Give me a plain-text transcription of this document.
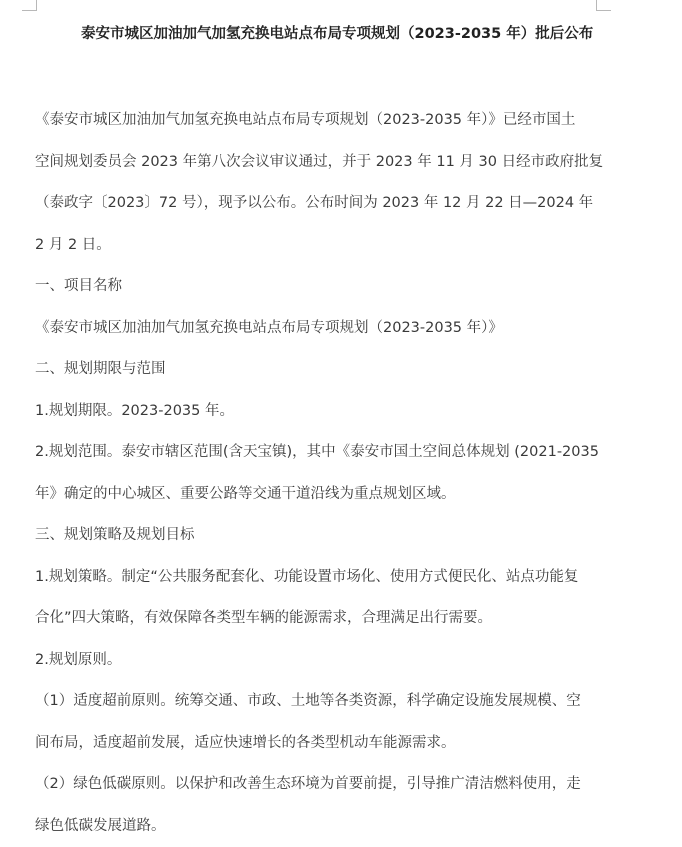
泰安市城区加油加气加氢充换电站点布局专项规划（2023-2035 年）批后公布

《泰安市城区加油加气加氢充换电站点布局专项规划（2023-2035 年）》已经市国土

空间规划委员会 2023 年第八次会议审议通过，并于 2023 年 11 月 30 日经市政府批复

（泰政字〔2023〕72 号），现予以公布。公布时间为 2023 年 12 月 22 日—2024 年

2 月 2 日。

一、项目名称

《泰安市城区加油加气加氢充换电站点布局专项规划（2023-2035 年）》

二、规划期限与范围

1.规划期限。2023-2035 年。

2.规划范围。泰安市辖区范围(含天宝镇)，其中《泰安市国土空间总体规划 (2021-2035

年》确定的中心城区、重要公路等交通干道沿线为重点规划区域。

三、规划策略及规划目标

1.规划策略。制定“公共服务配套化、功能设置市场化、使用方式便民化、站点功能复

合化”四大策略，有效保障各类型车辆的能源需求，合理满足出行需要。

2.规划原则。

（1）适度超前原则。统筹交通、市政、土地等各类资源，科学确定设施发展规模、空

间布局，适度超前发展，适应快速增长的各类型机动车能源需求。

（2）绿色低碳原则。以保护和改善生态环境为首要前提，引导推广清洁燃料使用，走

绿色低碳发展道路。
